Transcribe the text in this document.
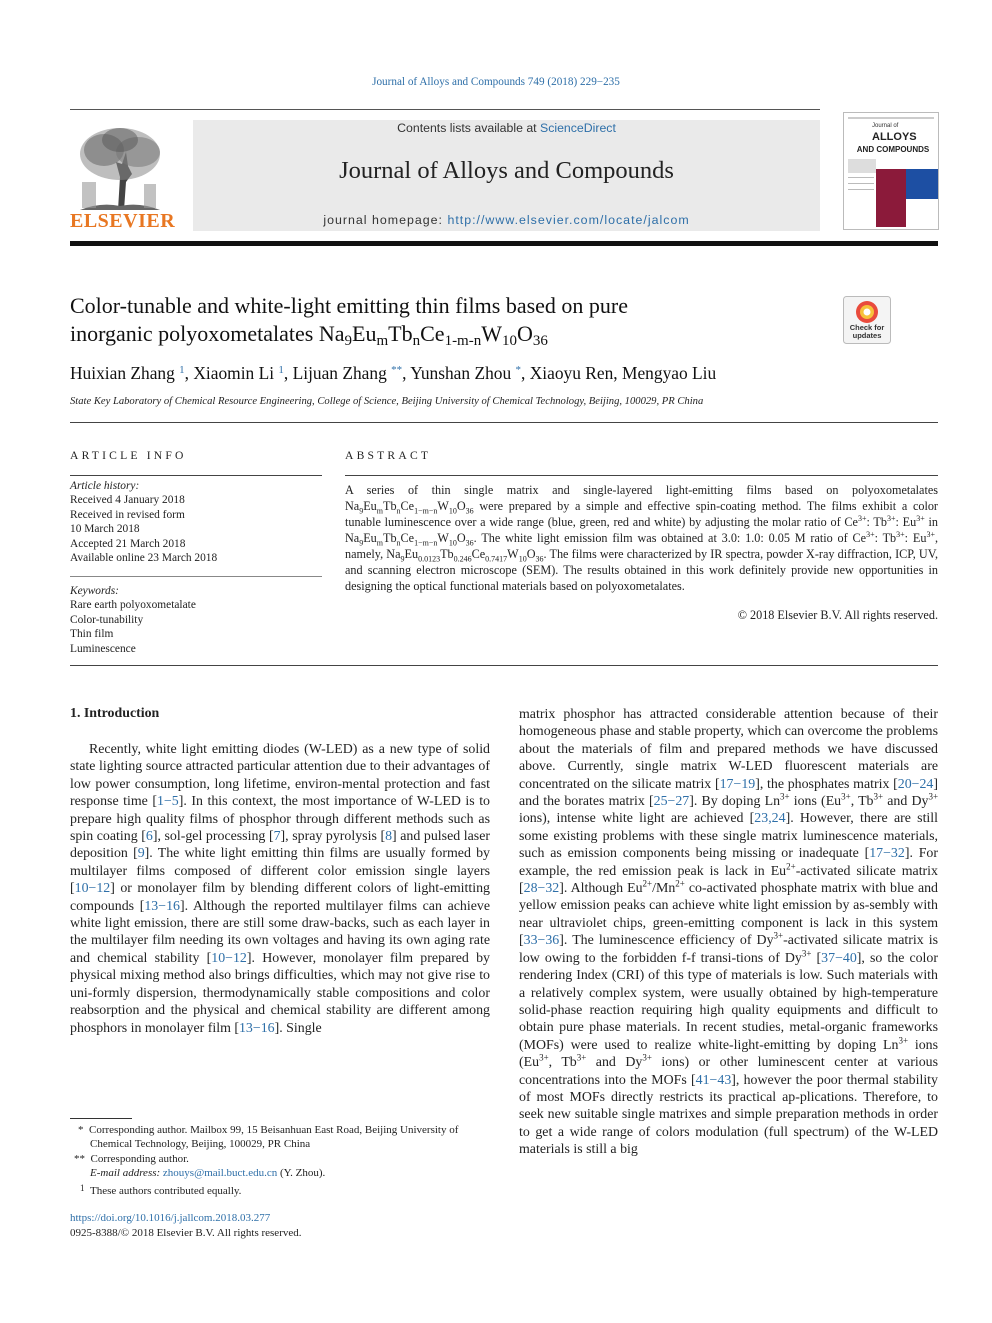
Journal of Alloys and Compounds 749 (2018) 229−235
ELSEVIER
Contents lists available at ScienceDirect
Journal of Alloys and Compounds
journal homepage: http://www.elsevier.com/locate/jalcom
Journal of
ALLOYS
AND COMPOUNDS
Color-tunable and white-light emitting thin films based on pure
inorganic polyoxometalates $Na_9Eu_mTb_nCe_{1-m-n}W_{10}O_{36}$
Check for
updates
Huixian Zhang $^1$, Xiaomin Li $^1$, Lijuan Zhang **, Yunshan Zhou *, Xiaoyu Ren, Mengyao Liu
State Key Laboratory of Chemical Resource Engineering, College of Science, Beijing University of Chemical Technology, Beijing, 100029, PR China
ARTICLE INFO
Article history:
Received 4 January 2018
Received in revised form
10 March 2018
Accepted 21 March 2018
Available online 23 March 2018
Keywords:
Rare earth polyoxometalate
Color-tunability
Thin film
Luminescence
ABSTRACT
A series of thin single matrix and single-layered light-emitting films based on polyoxometalates $Na_9Eu_mTb_nCe_{1-m-n}W_{10}O_{36}$ were prepared by a simple and effective spin-coating method. The films exhibit a color tunable luminescence over a wide range (blue, green, red and white) by adjusting the molar ratio of $Ce^{3+}$: $Tb^{3+}$: $Eu^{3+}$ in $Na_9Eu_mTb_nCe_{1-m-n}W_{10}O_{36}$. The white light emission film was obtained at 3.0: 1.0: 0.05 M ratio of $Ce^{3+}$: $Tb^{3+}$: $Eu^{3+}$, namely, $Na_9Eu_{0.0123}Tb_{0.246}Ce_{0.7417}W_{10}O_{36}$. The films were characterized by IR spectra, powder X-ray diffraction, ICP, UV, and scanning electron microscope (SEM). The results obtained in this work definitely provide new opportunities in designing the optical functional materials based on polyoxometalates.
© 2018 Elsevier B.V. All rights reserved.
1. Introduction

Recently, white light emitting diodes (W-LED) as a new type of solid state lighting source attracted particular attention due to their advantages of low power consumption, long lifetime, environ-mental protection and fast response time [1−5]. In this context, the most importance of W-LED is to prepare high quality films of phosphor through different methods such as spin coating [6], sol-gel processing [7], spray pyrolysis [8] and pulsed laser deposition [9]. The white light emitting thin films are usually formed by multilayer films composed of different color emission single layers [10−12] or monolayer film by blending different colors of light-emitting compounds [13−16]. Although the reported multilayer films can achieve white light emission, there are still some draw-backs, such as each layer in the multilayer film needing its own voltages and having its own aging rate and chemical stability [10−12]. However, monolayer film prepared by physical mixing method also brings difficulties, which may not give rise to uni-formly dispersion, thermodynamically stable compositions and color reabsorption and the physical and chemical stability are different among phosphors in monolayer film [13−16]. Single

matrix phosphor has attracted considerable attention because of their homogeneous phase and stable property, which can overcome the problems about the materials of film and prepared methods we have discussed above. Currently, single matrix W-LED fluorescent materials are concentrated on the silicate matrix [17−19], the phosphates matrix [20−24] and the borates matrix [25−27]. By doping $Ln^{3+}$ ions ($Eu^{3+}$, $Tb^{3+}$ and $Dy^{3+}$ ions), intense white light are achieved [23,24]. However, there are still some existing problems with these single matrix luminescence materials, such as emission components being missing or inadequate [17−32]. For example, the red emission peak is lack in $Eu^{2+}$-activated silicate matrix [28−32]. Although $Eu^{2+}/Mn^{2+}$ co-activated phosphate matrix with blue and yellow emission peaks can achieve white light emission by as-sembly with near ultraviolet chips, green-emitting component is lack in this system [33−36]. The luminescence efficiency of $Dy^{3+}$-activated silicate matrix is low owing to the forbidden f-f transi-tions of $Dy^{3+}$ [37−40], so the color rendering Index (CRI) of this type of materials is low. Such materials with a relatively complex system, were usually obtained by high-temperature solid-phase reaction requiring high quality equipments and difficult to obtain pure phase materials. In recent studies, metal-organic frameworks (MOFs) were used to realize white-light-emitting by doping $Ln^{3+}$ ions ($Eu^{3+}$, $Tb^{3+}$ and $Dy^{3+}$ ions) or other luminescent center at various concentrations into the MOFs [41−43], however the poor thermal stability of most MOFs directly restricts its practical ap-plications. Therefore, to seek new suitable single matrixes and simple preparation methods in order to get a wide range of colors modulation (full spectrum) of the W-LED materials is still a big
* Corresponding author. Mailbox 99, 15 Beisanhuan East Road, Beijing University of Chemical Technology, Beijing, 100029, PR China
** Corresponding author.
E-mail address: zhouys@mail.buct.edu.cn (Y. Zhou).
$^1$ These authors contributed equally.
https://doi.org/10.1016/j.jallcom.2018.03.277
0925-8388/© 2018 Elsevier B.V. All rights reserved.
